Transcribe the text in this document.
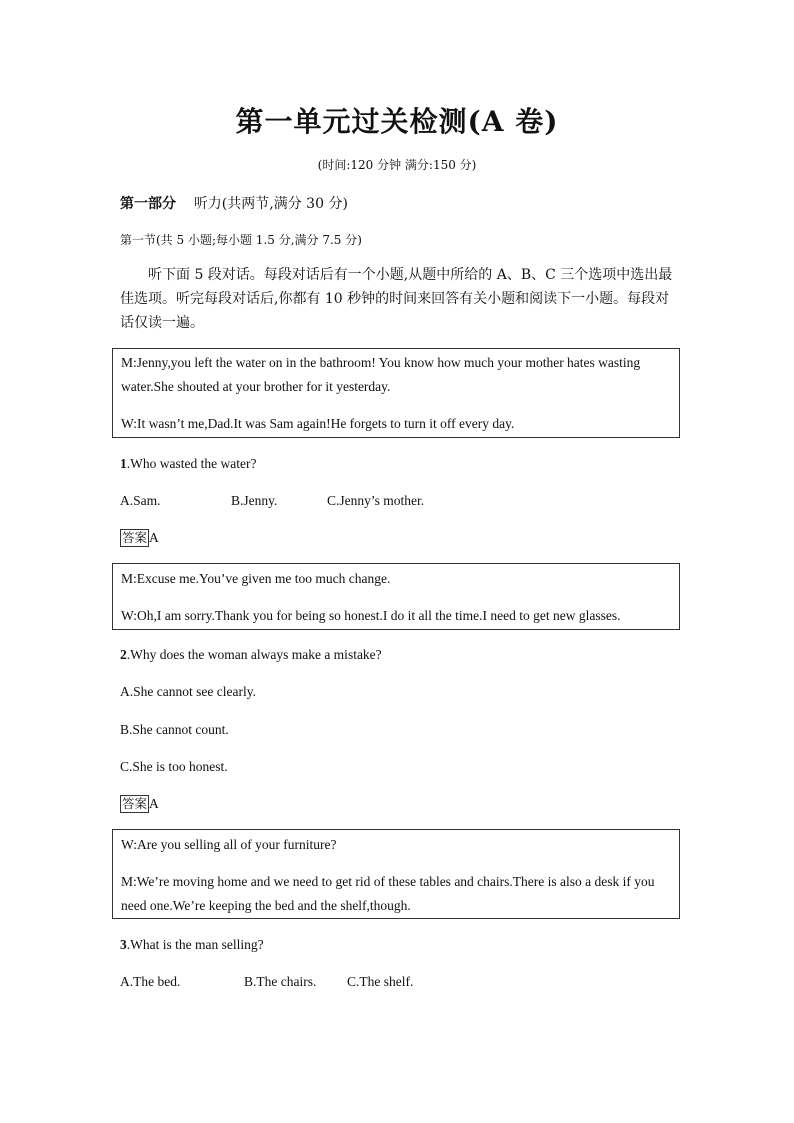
第一单元过关检测(A 卷)
(时间:120 分钟 满分:150 分)
第一部分 听力(共两节,满分 30 分)
第一节(共 5 小题;每小题 1.5 分,满分 7.5 分)
听下面 5 段对话。每段对话后有一个小题,从题中所给的 A、B、C 三个选项中选出最佳选项。听完每段对话后,你都有 10 秒钟的时间来回答有关小题和阅读下一小题。每段对话仅读一遍。

M:Jenny,you left the water on in the bathroom! You know how much your mother hates wasting water.She shouted at your brother for it yesterday.

W:It wasn’t me,Dad.It was Sam again!He forgets to turn it off every day.

1.Who wasted the water?
A.Sam.	B.Jenny.	C.Jenny’s mother.
答案 A

M:Excuse me.You’ve given me too much change.

W:Oh,I am sorry.Thank you for being so honest.I do it all the time.I need to get new glasses.

2.Why does the woman always make a mistake?
A.She cannot see clearly.
B.She cannot count.
C.She is too honest.
答案 A

W:Are you selling all of your furniture?

M:We’re moving home and we need to get rid of these tables and chairs.There is also a desk if you need one.We’re keeping the bed and the shelf,though.

3.What is the man selling?
A.The bed.	B.The chairs. C.The shelf.
